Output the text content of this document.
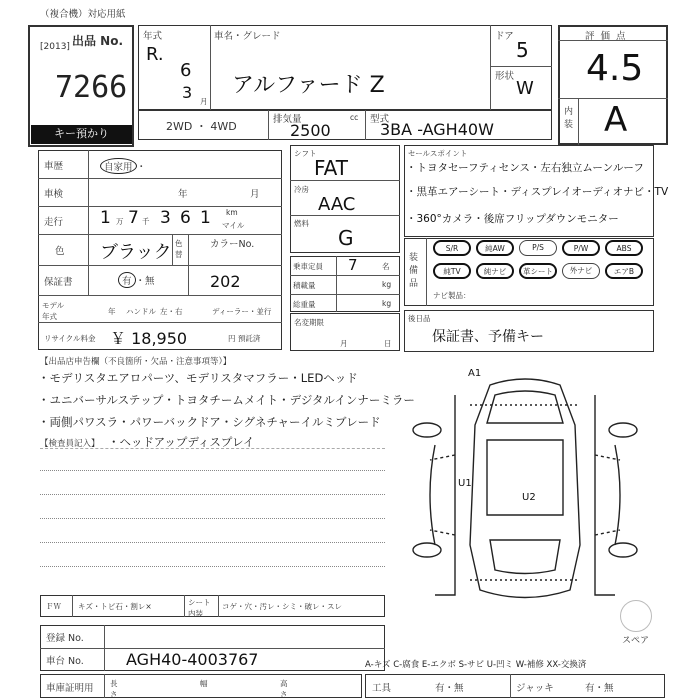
（複合機）対応用紙
[2013] 出品 No.
7266
キー預かり
年式
R.
6
3 月
車名・グレード
アルファード Z
ドア
5
形状
W
評価点
4.5
内装 A
2WD ・ 4WD
排気量	cc
2500
型式
3BA -AGH40W
車歴	自家用 ・
車検	年	月
走行 1 万 7 千 3 6 1 km
マイル
色 ブラック 色替
カラーNo.
202
保証書	有 ・無
モデル 年式
年 ハンドル 左・右	ディーラー・並行
リサイクル料金 ￥ 18,950	円 預託済
シフト
FAT
冷房
AAC
燃料
G
乗車定員 7	名
積載量	kg
総重量	kg
名変期限
月	日
セールスポイント
・トヨタセーフティセンス・左右独立ムーンルーフ
・黒革エアーシート・ディスプレイオーディオナビ・TV
・360°カメラ・後席フリップダウンモニター
装備品
S/R	純AW	P/S	P/W	ABS
純TV	純ナビ	革シート	外ナビ	エアB
ナビ製品：
後日品
保証書、予備キー
【出品店申告欄（不良箇所・欠品・注意事項等）】
・モデリスタエアロパーツ、モデリスタマフラー・LEDヘッド
・ユニバーサルステップ・トヨタチームメイト・デジタルインナーミラー
・両側パワスラ・パワーバックドア・シグネチャーイルミブレード
【検査員記入】 ・ヘッドアップディスプレイ
A1
U1
U2
スペア
ＦＷ キズ・トビ石・割レ×	シート 内装
コゲ・穴・汚レ・シミ・破レ・スレ
登録 No.
車台 No.	AGH40-4003767
車庫証明用 長さ
幅	高さ
A-キズ C-腐食 E-エクボ S-サビ U-凹ミ W-補修 XX-交換済
工具	有・無	ジャッキ	有・無
